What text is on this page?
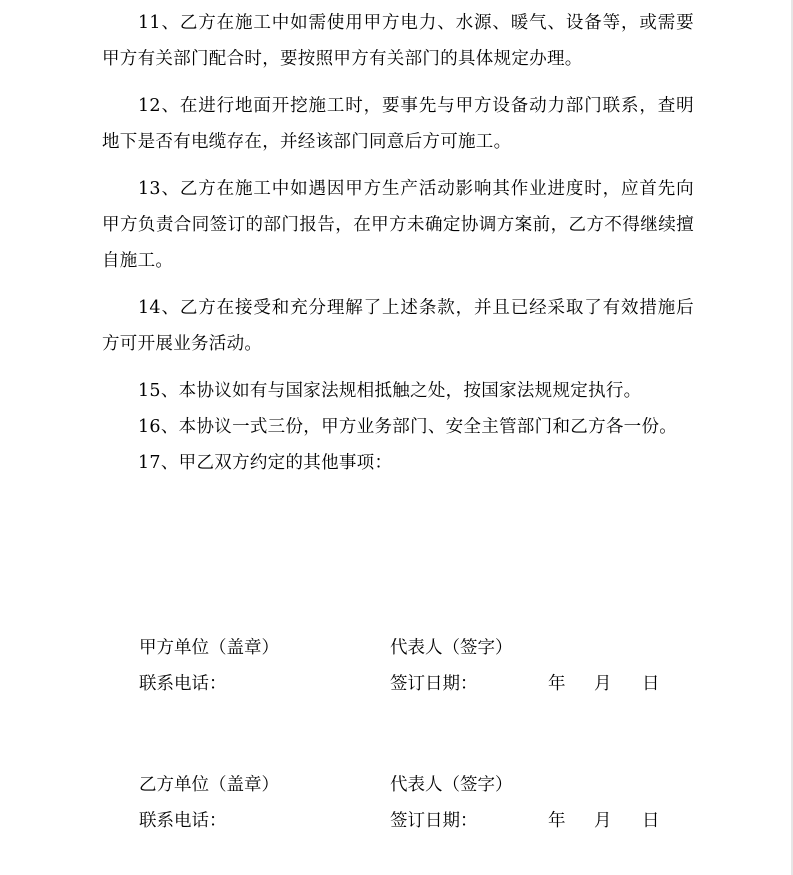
11、乙方在施工中如需使用甲方电力、水源、暖气、设备等，或需要甲方有关部门配合时，要按照甲方有关部门的具体规定办理。

12、在进行地面开挖施工时，要事先与甲方设备动力部门联系，查明地下是否有电缆存在，并经该部门同意后方可施工。

13、乙方在施工中如遇因甲方生产活动影响其作业进度时，应首先向甲方负责合同签订的部门报告，在甲方未确定协调方案前，乙方不得继续擅自施工。

14、乙方在接受和充分理解了上述条款，并且已经采取了有效措施后方可开展业务活动。

15、本协议如有与国家法规相抵触之处，按国家法规规定执行。

16、本协议一式三份，甲方业务部门、安全主管部门和乙方各一份。

17、甲乙双方约定的其他事项：

甲方单位（盖章）	代表人（签字）
联系电话：	签订日期：	年 月 日
乙方单位（盖章）	代表人（签字）
联系电话：	签订日期：	年 月 日
